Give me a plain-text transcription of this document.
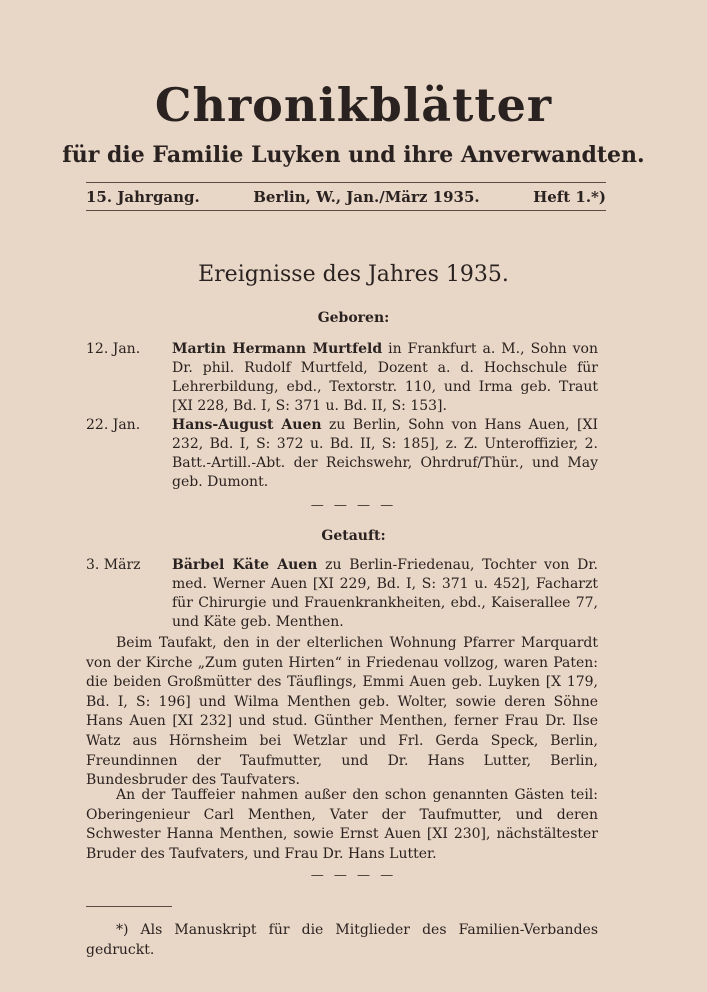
Chronikblätter
für die Familie Luyken und ihre Anverwandten.
15. Jahrgang.	Berlin, W., Jan./März 1935.	Heft 1.*)
Ereignisse des Jahres 1935.
Geboren:
12. Jan.	Martin Hermann Murtfeld in Frankfurt a. M., Sohn von Dr. phil. Rudolf Murtfeld, Dozent a. d. Hochschule für Lehrerbildung, ebd., Textorstr. 110, und Irma geb. Traut [XI 228, Bd. I, S: 371 u. Bd. II, S: 153].
22. Jan.	Hans-August Auen zu Berlin, Sohn von Hans Auen, [XI 232, Bd. I, S: 372 u. Bd. II, S: 185], z. Z. Unteroffizier, 2. Batt.-Artill.-Abt. der Reichswehr, Ohrdruf/Thür., und May geb. Dumont.
— — — —
Getauft:
3. März	Bärbel Käte Auen zu Berlin-Friedenau, Tochter von Dr. med. Werner Auen [XI 229, Bd. I, S: 371 u. 452], Facharzt für Chirurgie und Frauenkrankheiten, ebd., Kaiserallee 77, und Käte geb. Menthen.
Beim Taufakt, den in der elterlichen Wohnung Pfarrer Marquardt von der Kirche „Zum guten Hirten“ in Friedenau vollzog, waren Paten: die beiden Großmütter des Täuflings, Emmi Auen geb. Luyken [X 179, Bd. I, S: 196] und Wilma Menthen geb. Wolter, sowie deren Söhne Hans Auen [XI 232] und stud. Günther Menthen, ferner Frau Dr. Ilse Watz aus Hörnsheim bei Wetzlar und Frl. Gerda Speck, Berlin, Freundinnen der Taufmutter, und Dr. Hans Lutter, Berlin, Bundesbruder des Taufvaters.
An der Tauffeier nahmen außer den schon genannten Gästen teil: Oberingenieur Carl Menthen, Vater der Taufmutter, und deren Schwester Hanna Menthen, sowie Ernst Auen [XI 230], nächstältester Bruder des Taufvaters, und Frau Dr. Hans Lutter.
— — — —
*) Als Manuskript für die Mitglieder des Familien-Verbandes gedruckt.
